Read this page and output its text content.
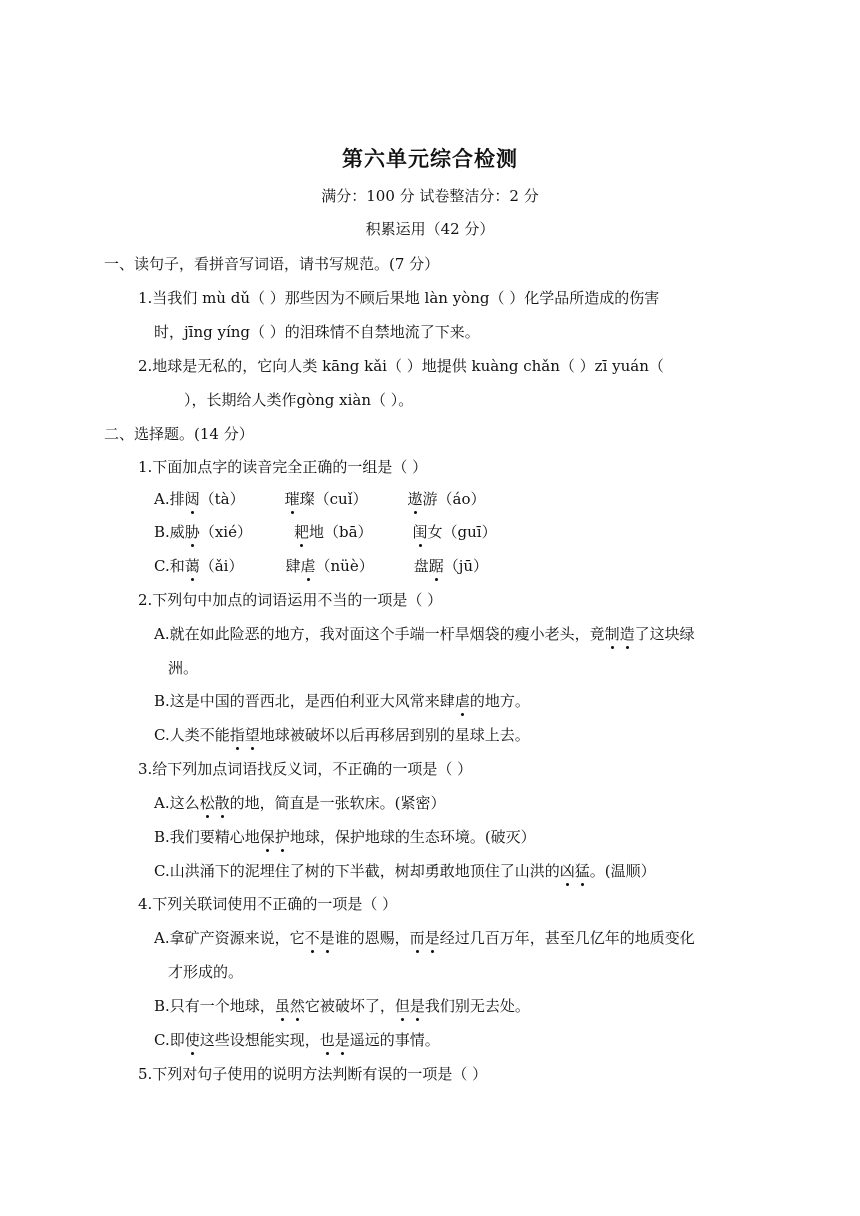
第六单元综合检测
满分：100 分 试卷整洁分：2 分
积累运用（42 分）
一、读句子，看拼音写词语，请书写规范。(7 分）
1.当我们 mù dǔ（ ）那些因为不顾后果地 làn yòng（ ）化学品所造成的伤害
时，jīng yíng（ ）的泪珠情不自禁地流了下来。
2.地球是无私的，它向人类 kāng kǎi（ ）地提供 kuàng chǎn（ ）zī yuán（
），长期给人类作gòng xiàn（ ）。
二、选择题。(14 分）
1.下面加点字的读音完全正确的一组是（ ）
A.排闼（tà）	璀璨（cuǐ）	遨游（áo）
B.威胁（xié）	耙地（bā）	闺女（guī）
C.和蔼（ǎi）	肆虐（nüè）	盘踞（jū）
2.下列句中加点的词语运用不当的一项是（ ）
A.就在如此险恶的地方，我对面这个手端一杆旱烟袋的瘦小老头，竟制造了这块绿
洲。
B.这是中国的晋西北，是西伯利亚大风常来肆虐的地方。
C.人类不能指望地球被破坏以后再移居到别的星球上去。
3.给下列加点词语找反义词，不正确的一项是（ ）
A.这么松散的地，简直是一张软床。(紧密）
B.我们要精心地保护地球，保护地球的生态环境。(破灭）
C.山洪涌下的泥埋住了树的下半截，树却勇敢地顶住了山洪的凶猛。(温顺）
4.下列关联词使用不正确的一项是（ ）
A.拿矿产资源来说，它不是谁的恩赐，而是经过几百万年，甚至几亿年的地质变化
才形成的。
B.只有一个地球，虽然它被破坏了，但是我们别无去处。
C.即使这些设想能实现，也是遥远的事情。
5.下列对句子使用的说明方法判断有误的一项是（ ）
